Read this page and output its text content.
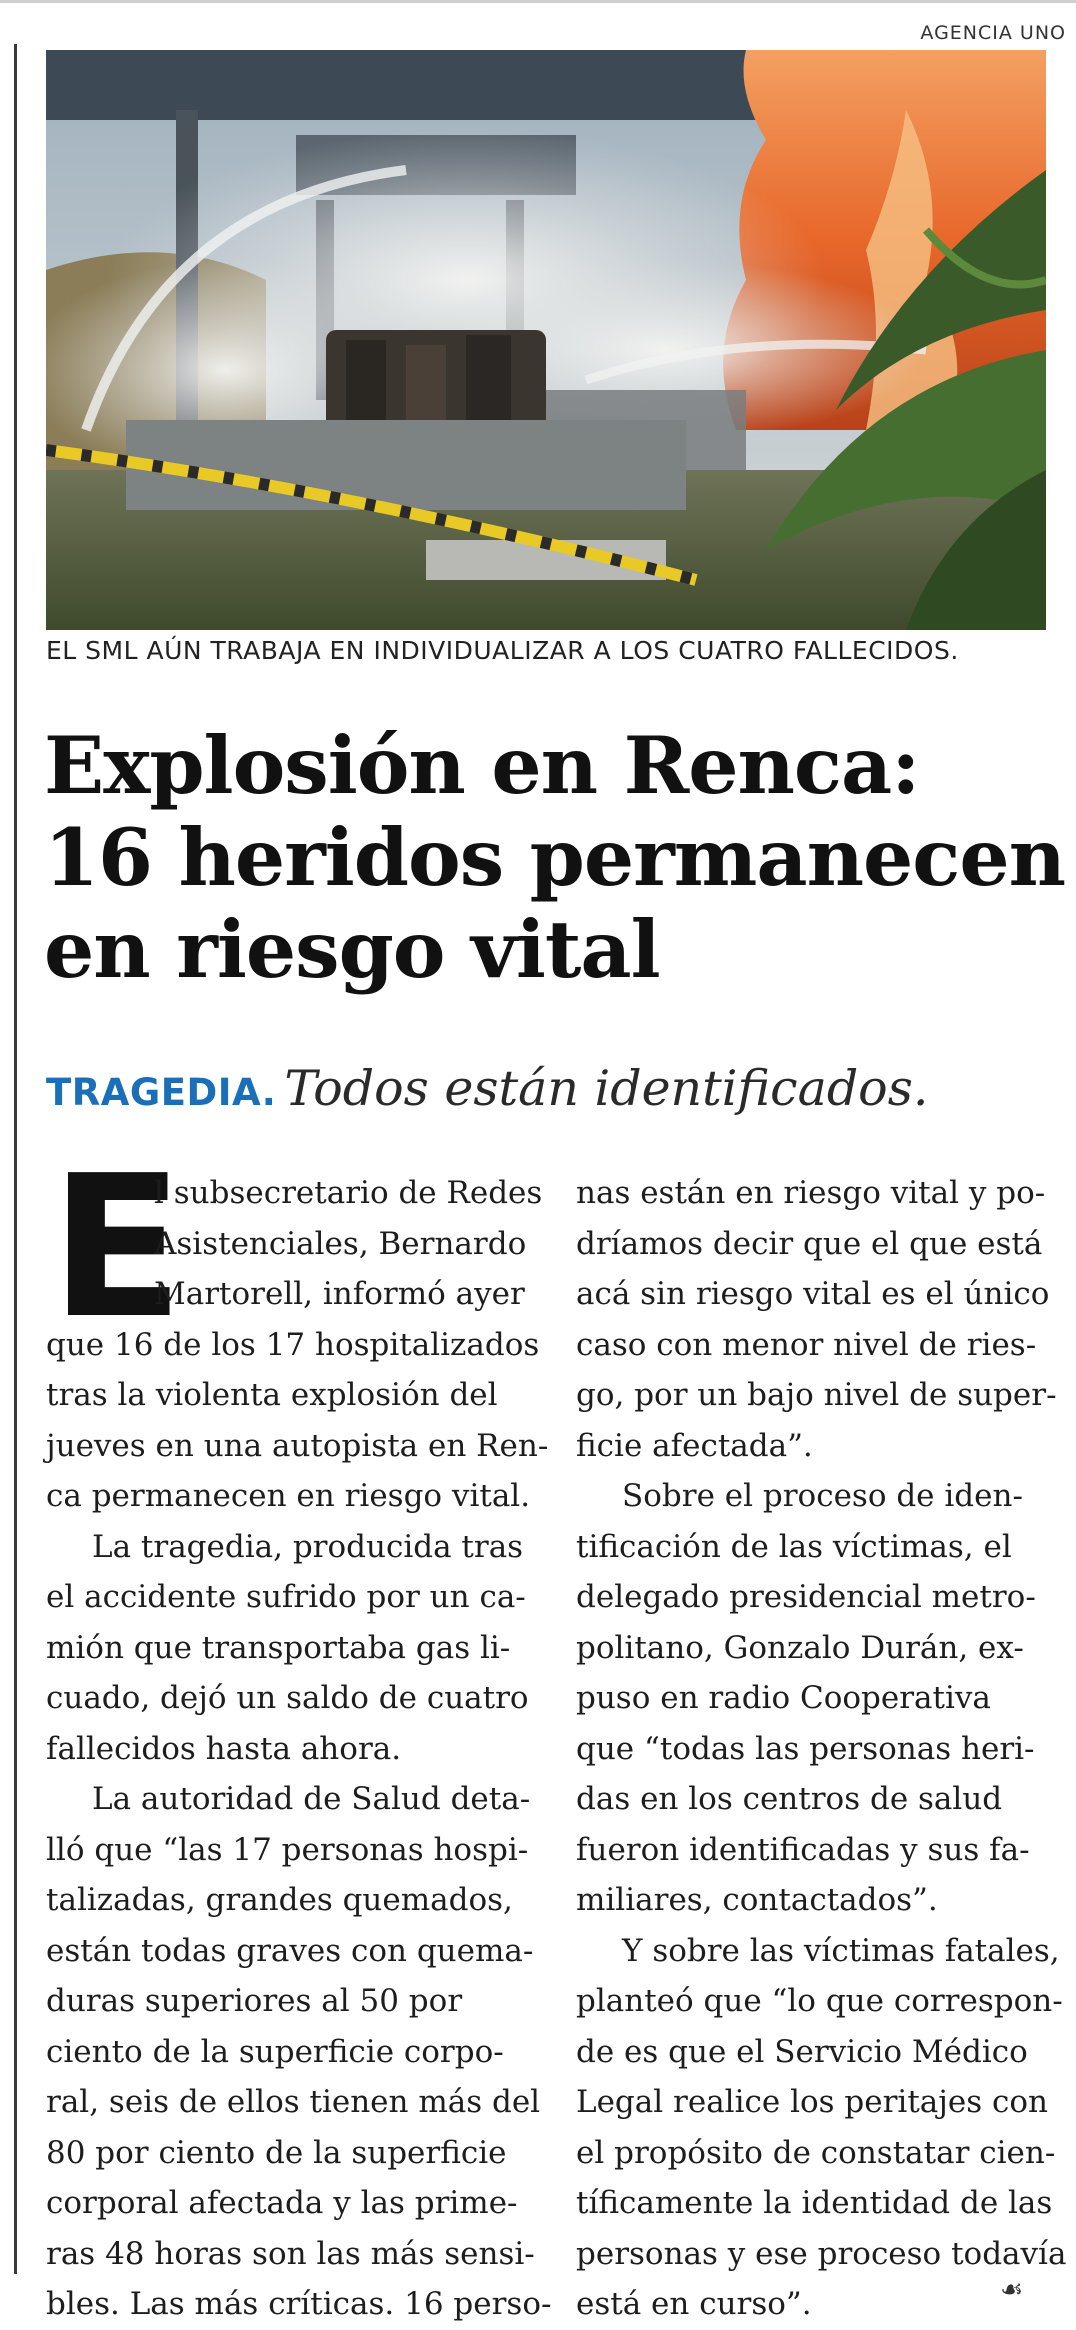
AGENCIA UNO
EL SML AÚN TRABAJA EN INDIVIDUALIZAR A LOS CUATRO FALLECIDOS.
Explosión en Renca:
16 heridos permanecen
en riesgo vital
TRAGEDIA. Todos están identificados.
E
l subsecretario de Redes
Asistenciales, Bernardo
Martorell, informó ayer
que 16 de los 17 hospitalizados
tras la violenta explosión del
jueves en una autopista en Ren-
ca permanecen en riesgo vital.
La tragedia, producida tras
el accidente sufrido por un ca-
mión que transportaba gas li-
cuado, dejó un saldo de cuatro
fallecidos hasta ahora.
La autoridad de Salud deta-
lló que “las 17 personas hospi-
talizadas, grandes quemados,
están todas graves con quema-
duras superiores al 50 por
ciento de la superficie corpo-
ral, seis de ellos tienen más del
80 por ciento de la superficie
corporal afectada y las prime-
ras 48 horas son las más sensi-
bles. Las más críticas. 16 perso-
nas están en riesgo vital y po-
dríamos decir que el que está
acá sin riesgo vital es el único
caso con menor nivel de ries-
go, por un bajo nivel de super-
ficie afectada”.
Sobre el proceso de iden-
tificación de las víctimas, el
delegado presidencial metro-
politano, Gonzalo Durán, ex-
puso en radio Cooperativa
que “todas las personas heri-
das en los centros de salud
fueron identificadas y sus fa-
miliares, contactados”.
Y sobre las víctimas fatales,
planteó que “lo que correspon-
de es que el Servicio Médico
Legal realice los peritajes con
el propósito de constatar cien-
tíficamente la identidad de las
personas y ese proceso todavía
está en curso”.	☙
